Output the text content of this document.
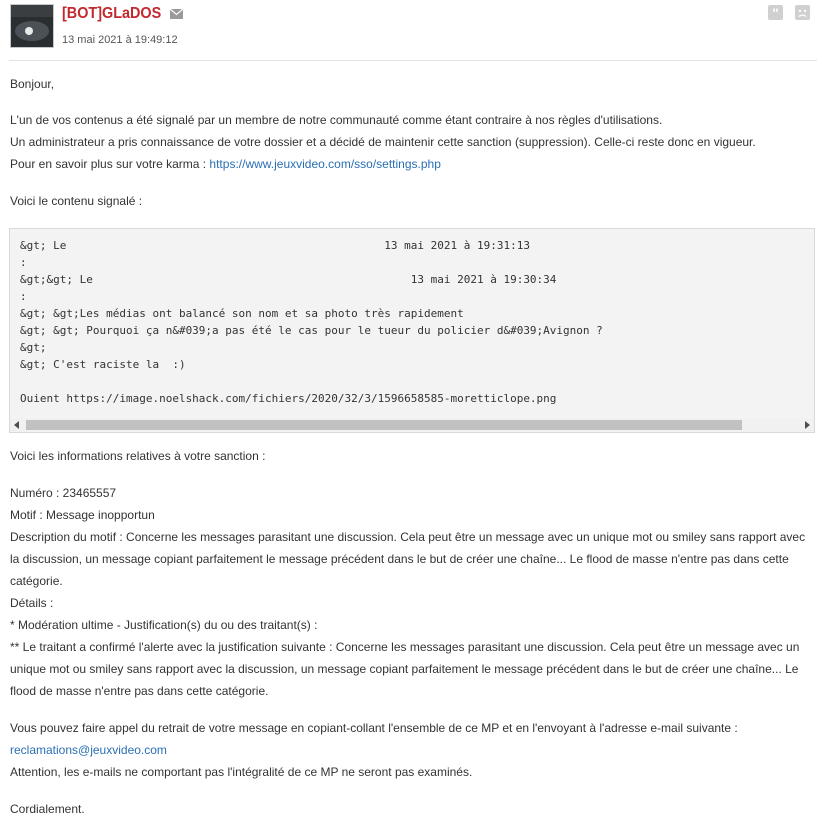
[BOT]GLaDOS
13 mai 2021 à 19:49:12
"
Bonjour,
L'un de vos contenus a été signalé par un membre de notre communauté comme étant contraire à nos règles d'utilisations.
Un administrateur a pris connaissance de votre dossier et a décidé de maintenir cette sanction (suppression). Celle-ci reste donc en vigueur.
Pour en savoir plus sur votre karma : https://www.jeuxvideo.com/sso/settings.php
Voici le contenu signalé :
&gt; Le                                                13 mai 2021 à 19:31:13
:
&gt;&gt; Le                                                13 mai 2021 à 19:30:34
:
&gt; &gt;Les médias ont balancé son nom et sa photo très rapidement
&gt; &gt; Pourquoi ça n&#039;a pas été le cas pour le tueur du policier d&#039;Avignon ?
&gt;
&gt; C'est raciste la  :)
Ouient https://image.noelshack.com/fichiers/2020/32/3/1596658585-moretticlope.png
Voici les informations relatives à votre sanction :
Numéro : 23465557
Motif : Message inopportun
Description du motif : Concerne les messages parasitant une discussion. Cela peut être un message avec un unique mot ou smiley sans rapport avec
la discussion, un message copiant parfaitement le message précédent dans le but de créer une chaîne... Le flood de masse n'entre pas dans cette
catégorie.
Détails :
* Modération ultime - Justification(s) du ou des traitant(s) :
** Le traitant a confirmé l'alerte avec la justification suivante : Concerne les messages parasitant une discussion. Cela peut être un message avec un
unique mot ou smiley sans rapport avec la discussion, un message copiant parfaitement le message précédent dans le but de créer une chaîne... Le
flood de masse n'entre pas dans cette catégorie.
Vous pouvez faire appel du retrait de votre message en copiant-collant l'ensemble de ce MP et en l'envoyant à l'adresse e-mail suivante :
reclamations@jeuxvideo.com
Attention, les e-mails ne comportant pas l'intégralité de ce MP ne seront pas examinés.
Cordialement.
